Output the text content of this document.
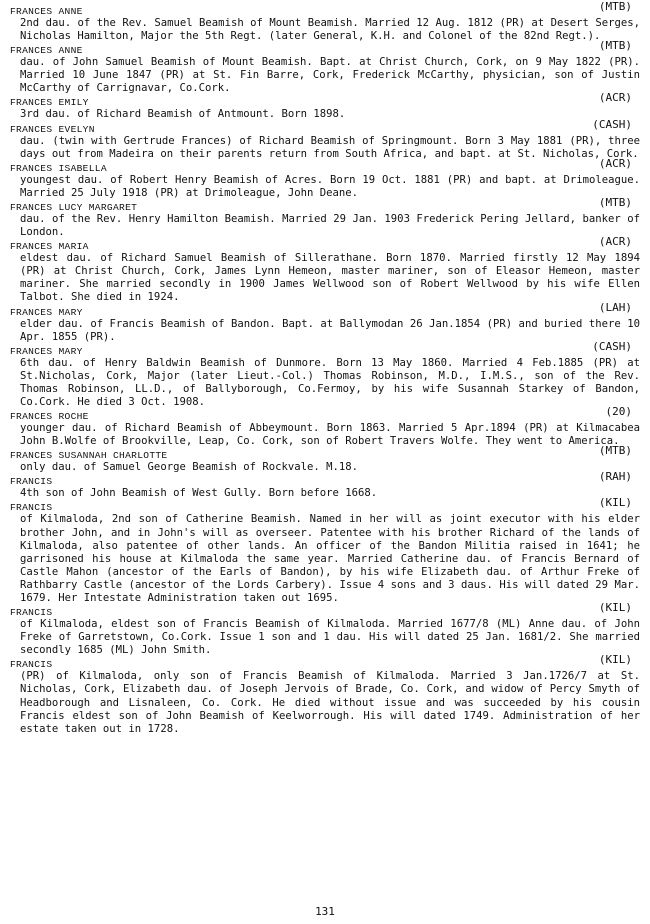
FRANCES ANNE	(MTB)

2nd dau. of the Rev. Samuel Beamish of Mount Beamish. Married 12 Aug. 1812 (PR) at Desert Serges, Nicholas Hamilton, Major the 5th Regt. (later General, K.H. and Colonel of the 82nd Regt.).

FRANCES ANNE	(MTB)

dau. of John Samuel Beamish of Mount Beamish. Bapt. at Christ Church, Cork, on 9 May 1822 (PR). Married 10 June 1847 (PR) at St. Fin Barre, Cork, Frederick McCarthy, physician, son of Justin McCarthy of Carrignavar, Co.Cork.

FRANCES EMILY	(ACR)

3rd dau. of Richard Beamish of Antmount. Born 1898.

FRANCES EVELYN	(CASH)

dau. (twin with Gertrude Frances) of Richard Beamish of Springmount. Born 3 May 1881 (PR), three days out from Madeira on their parents return from South Africa, and bapt. at St. Nicholas, Cork.

FRANCES ISABELLA	(ACR)

youngest dau. of Robert Henry Beamish of Acres. Born 19 Oct. 1881 (PR) and bapt. at Drimoleague. Married 25 July 1918 (PR) at Drimoleague, John Deane.

FRANCES LUCY MARGARET	(MTB)

dau. of the Rev. Henry Hamilton Beamish. Married 29 Jan. 1903 Frederick Pering Jellard, banker of London.

FRANCES MARIA	(ACR)

eldest dau. of Richard Samuel Beamish of Sillerathane. Born 1870. Married firstly 12 May 1894 (PR) at Christ Church, Cork, James Lynn Hemeon, master mariner, son of Eleasor Hemeon, master mariner. She married secondly in 1900 James Wellwood son of Robert Wellwood by his wife Ellen Talbot. She died in 1924.

FRANCES MARY	(LAH)

elder dau. of Francis Beamish of Bandon. Bapt. at Ballymodan 26 Jan.1854 (PR) and buried there 10 Apr. 1855 (PR).

FRANCES MARY	(CASH)

6th dau. of Henry Baldwin Beamish of Dunmore. Born 13 May 1860. Married 4 Feb.1885 (PR) at St.Nicholas, Cork, Major (later Lieut.-Col.) Thomas Robinson, M.D., I.M.S., son of the Rev. Thomas Robinson, LL.D., of Ballyborough, Co.Fermoy, by his wife Susannah Starkey of Bandon, Co.Cork. He died 3 Oct. 1908.

FRANCES ROCHE	(20)

younger dau. of Richard Beamish of Abbeymount. Born 1863. Married 5 Apr.1894 (PR) at Kilmacabea John B.Wolfe of Brookville, Leap, Co. Cork, son of Robert Travers Wolfe. They went to America.

FRANCES SUSANNAH CHARLOTTE	(MTB)

only dau. of Samuel George Beamish of Rockvale. M.18.

FRANCIS	(RAH)

4th son of John Beamish of West Gully. Born before 1668.

FRANCIS	(KIL)

of Kilmaloda, 2nd son of Catherine Beamish. Named in her will as joint executor with his elder brother John, and in John's will as overseer. Patentee with his brother Richard of the lands of Kilmaloda, also patentee of other lands. An officer of the Bandon Militia raised in 1641; he garrisoned his house at Kilmaloda the same year. Married Catherine dau. of Francis Bernard of Castle Mahon (ancestor of the Earls of Bandon), by his wife Elizabeth dau. of Arthur Freke of Rathbarry Castle (ancestor of the Lords Carbery). Issue 4 sons and 3 daus. His will dated 29 Mar. 1679. Her Intestate Administration taken out 1695.

FRANCIS	(KIL)

of Kilmaloda, eldest son of Francis Beamish of Kilmaloda. Married 1677/8 (ML) Anne dau. of John Freke of Garretstown, Co.Cork. Issue 1 son and 1 dau. His will dated 25 Jan. 1681/2. She married secondly 1685 (ML) John Smith.

FRANCIS	(KIL)

(PR) of Kilmaloda, only son of Francis Beamish of Kilmaloda. Married 3 Jan.1726/7 at St. Nicholas, Cork, Elizabeth dau. of Joseph Jervois of Brade, Co. Cork, and widow of Percy Smyth of Headborough and Lisnaleen, Co. Cork. He died without issue and was succeeded by his cousin Francis eldest son of John Beamish of Keelworrough. His will dated 1749. Administration of her estate taken out in 1728.

131
